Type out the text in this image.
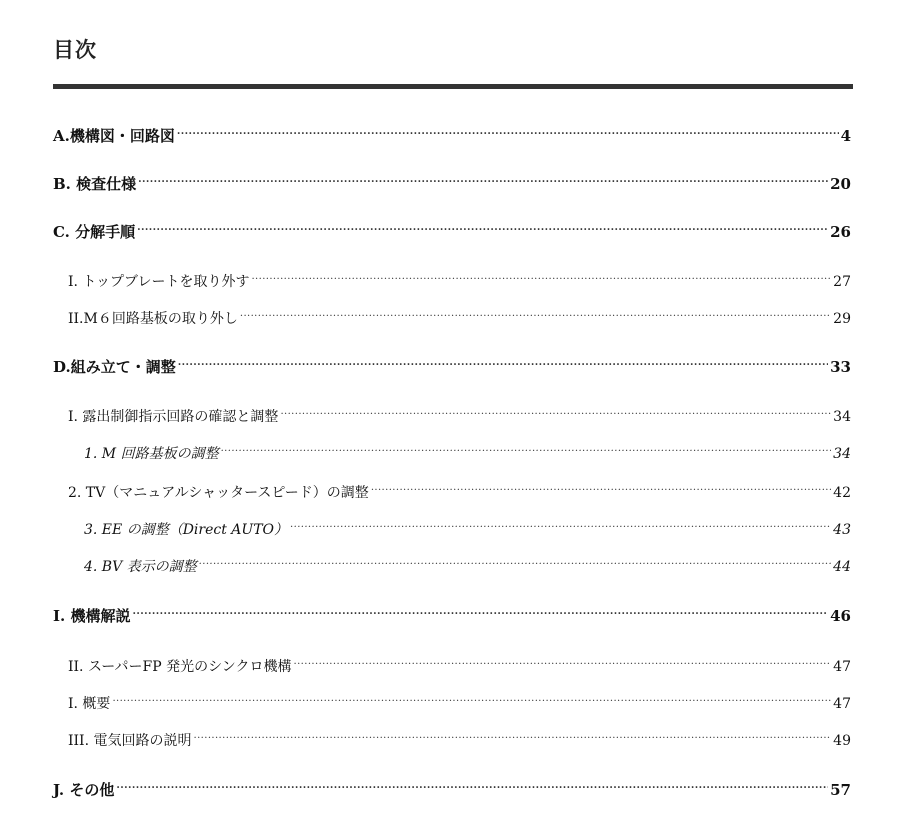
目次
A.機構図・回路図 .....	4
B. 検査仕様 .....	20
C. 分解手順 .....	26
I. トップブレートを取り外す .....	27
II.M６回路基板の取り外し .....	29
D.組み立て・調整 .....	33
I. 露出制御指示回路の確認と調整 .....	34
1. M 回路基板の調整 .....	34
2. TV（マニュアルシャッタースピード）の調整 .....	42
3. EE の調整（Direct AUTO） .....	43
4. BV 表示の調整 .....	44
I. 機構解説 .....	46
II. スーパーFP 発光のシンクロ機構 .....	47
I. 概要 .....	47
III. 電気回路の説明 .....	49
J. その他 .....	57
